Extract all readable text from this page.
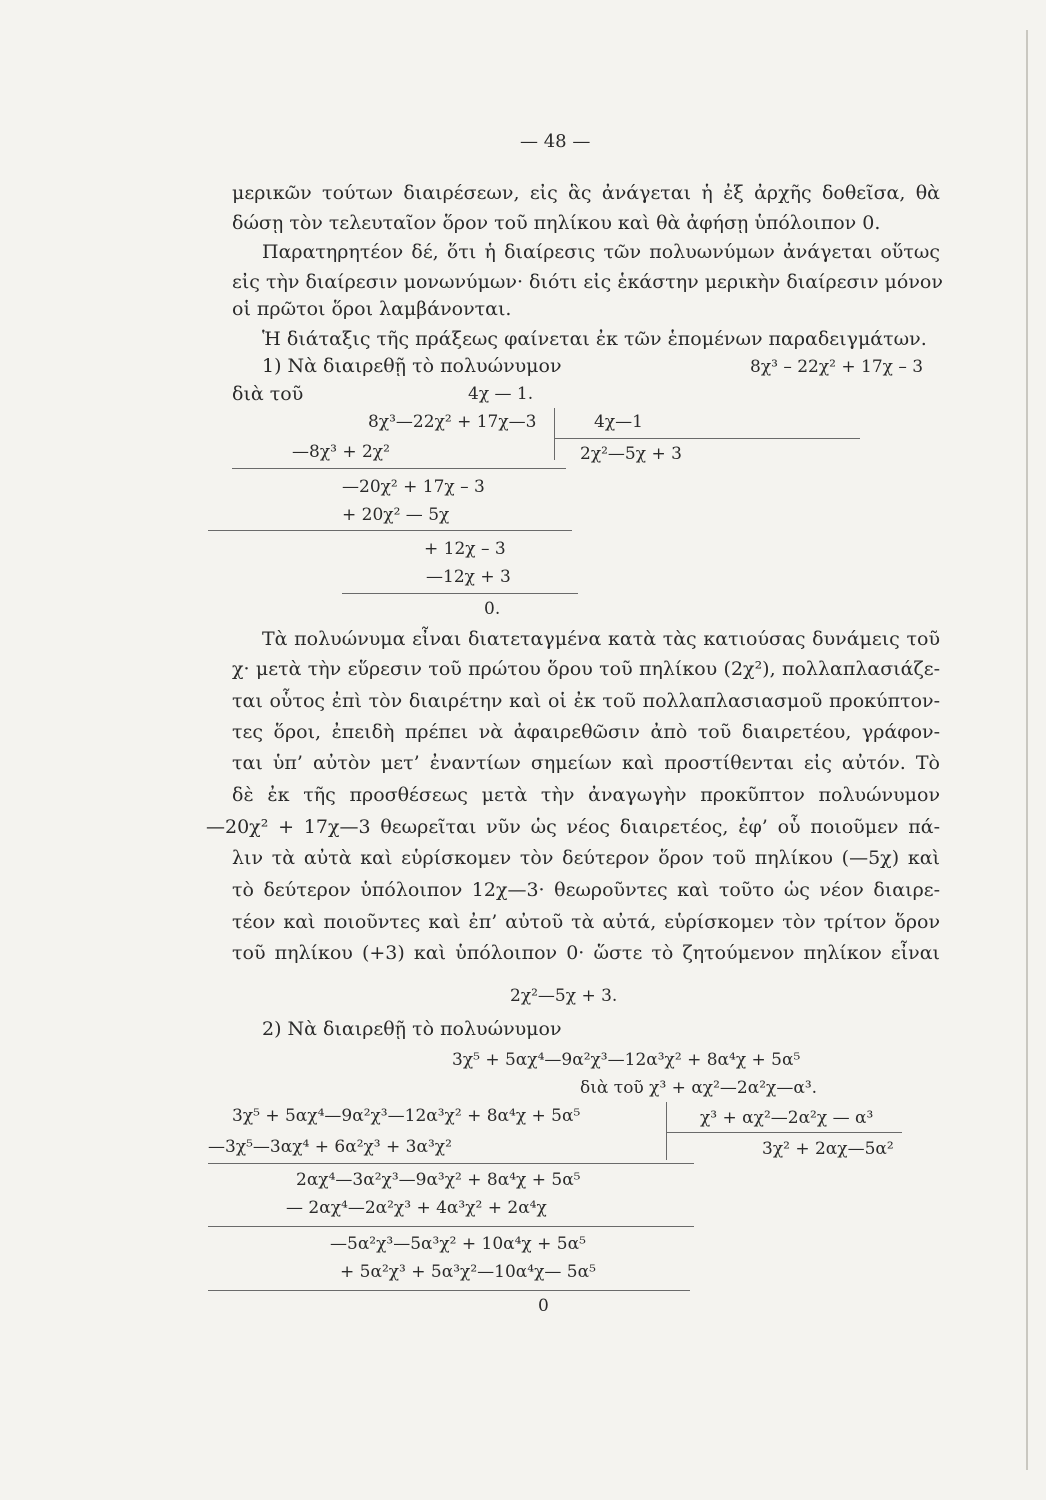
— 48 —
μερικῶν τούτων διαιρέσεων, εἰς ἃς ἀνάγεται ἡ ἐξ ἀρχῆς δοθεῖσα, θὰ
δώσῃ τὸν τελευταῖον ὅρον τοῦ πηλίκου καὶ θὰ ἀφήσῃ ὑπόλοιπον 0.
Παρατηρητέον δέ, ὅτι ἡ διαίρεσις τῶν πολυωνύμων ἀνάγεται οὕτως
εἰς τὴν διαίρεσιν μονωνύμων· διότι εἰς ἑκάστην μερικὴν διαίρεσιν μόνον
οἱ πρῶτοι ὅροι λαμβάνονται.
Ἡ διάταξις τῆς πράξεως φαίνεται ἐκ τῶν ἑπομένων παραδειγμάτων.
1) Νὰ διαιρεθῇ τὸ πολυώνυμον	8χ³ – 22χ² + 17χ – 3
διὰ τοῦ	4χ — 1.
8χ³—22χ² + 17χ—3	4χ—1
—8χ³ + 2χ²	2χ²—5χ + 3
—20χ² + 17χ – 3
+ 20χ² — 5χ
+ 12χ – 3
—12χ + 3
0.
Τὰ πολυώνυμα εἶναι διατεταγμένα κατὰ τὰς κατιούσας δυνάμεις τοῦ
χ· μετὰ τὴν εὕρεσιν τοῦ πρώτου ὅρου τοῦ πηλίκου (2χ²), πολλαπλασιάζε-
ται οὗτος ἐπὶ τὸν διαιρέτην καὶ οἱ ἐκ τοῦ πολλαπλασιασμοῦ προκύπτον-
τες ὅροι, ἐπειδὴ πρέπει νὰ ἀφαιρεθῶσιν ἀπὸ τοῦ διαιρετέου, γράφον-
ται ὑπ’ αὐτὸν μετ’ ἐναντίων σημείων καὶ προστίθενται εἰς αὐτόν. Τὸ
δὲ ἐκ τῆς προσθέσεως μετὰ τὴν ἀναγωγὴν προκῦπτον πολυώνυμον
—20χ² + 17χ—3 θεωρεῖται νῦν ὡς νέος διαιρετέος, ἐφ’ οὗ ποιοῦμεν πά-
λιν τὰ αὐτὰ καὶ εὑρίσκομεν τὸν δεύτερον ὅρον τοῦ πηλίκου (—5χ) καὶ
τὸ δεύτερον ὑπόλοιπον 12χ—3· θεωροῦντες καὶ τοῦτο ὡς νέον διαιρε-
τέον καὶ ποιοῦντες καὶ ἐπ’ αὐτοῦ τὰ αὐτά, εὑρίσκομεν τὸν τρίτον ὅρον
τοῦ πηλίκου (+3) καὶ ὑπόλοιπον 0· ὥστε τὸ ζητούμενον πηλίκον εἶναι
2χ²—5χ + 3.
2) Νὰ διαιρεθῇ τὸ πολυώνυμον
3χ⁵ + 5αχ⁴—9α²χ³—12α³χ² + 8α⁴χ + 5α⁵
διὰ τοῦ χ³ + αχ²—2α²χ—α³.
3χ⁵ + 5αχ⁴—9α²χ³—12α³χ² + 8α⁴χ + 5α⁵	χ³ + αχ²—2α²χ — α³
—3χ⁵—3αχ⁴ + 6α²χ³ + 3α³χ²	3χ² + 2αχ—5α²
2αχ⁴—3α²χ³—9α³χ² + 8α⁴χ + 5α⁵
— 2αχ⁴—2α²χ³ + 4α³χ² + 2α⁴χ
—5α²χ³—5α³χ² + 10α⁴χ + 5α⁵
+ 5α²χ³ + 5α³χ²—10α⁴χ— 5α⁵
0
